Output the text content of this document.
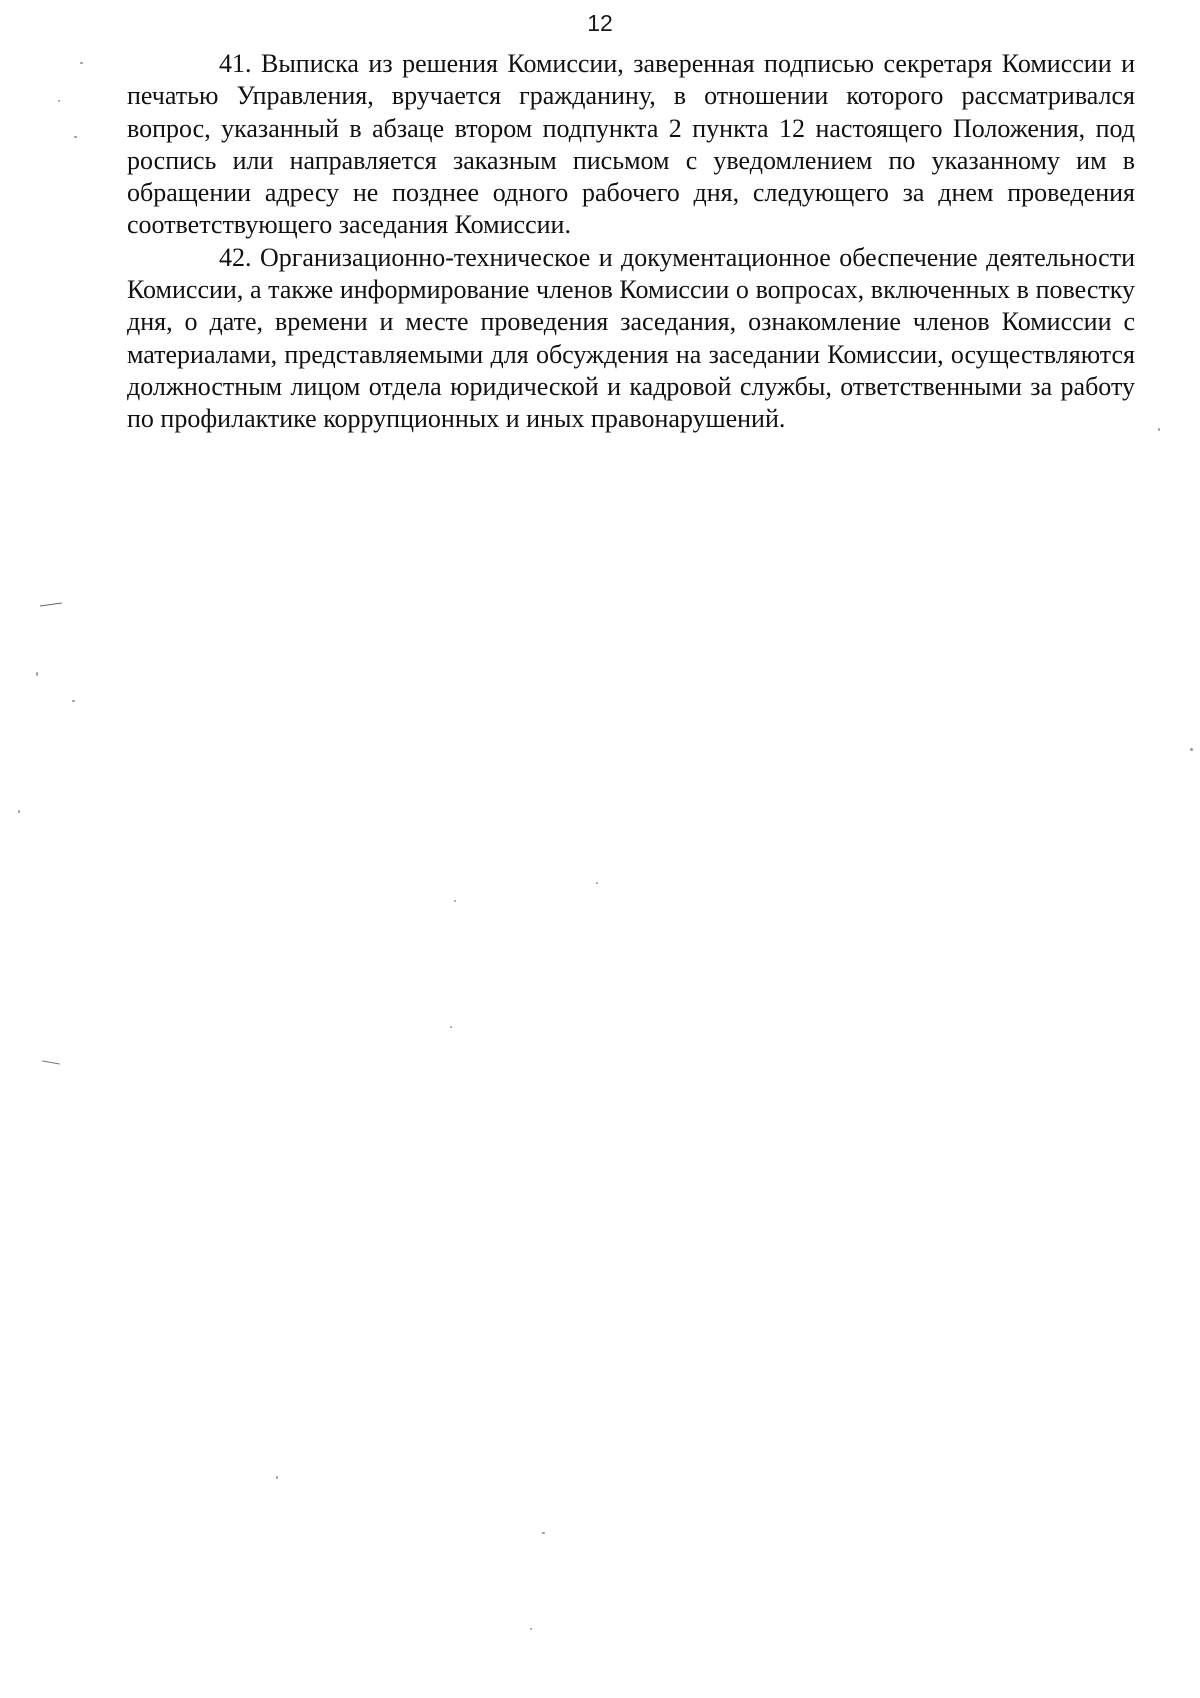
12

41. Выписка из решения Комиссии, заверенная подписью секретаря Комиссии и печатью Управления, вручается гражданину, в отношении которого рассматривался вопрос, указанный в абзаце втором подпункта 2 пункта 12 настоящего Положения, под роспись или направляется заказным письмом с уведомлением по указанному им в обращении адресу не позднее одного рабочего дня, следующего за днем проведения соответствующего заседания Комиссии.

42. Организационно-техническое и документационное обеспечение деятельности Комиссии, а также информирование членов Комиссии о вопросах, включенных в повестку дня, о дате, времени и месте проведения заседания, ознакомление членов Комиссии с материалами, представляемыми для обсуждения на заседании Комиссии, осуществляются должностным лицом отдела юридической и кадровой службы, ответственными за работу по профилактике коррупционных и иных правонарушений.
